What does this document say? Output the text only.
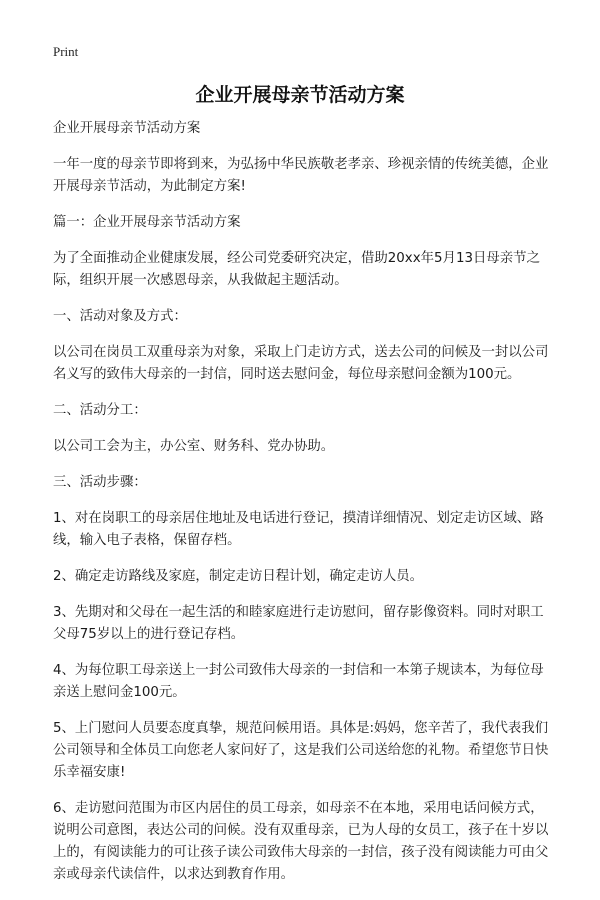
Print
企业开展母亲节活动方案

企业开展母亲节活动方案

一年一度的母亲节即将到来，为弘扬中华民族敬老孝亲、珍视亲情的传统美德，企业开展母亲节活动，为此制定方案!

篇一：企业开展母亲节活动方案

为了全面推动企业健康发展，经公司党委研究决定，借助20xx年5月13日母亲节之际，组织开展一次感恩母亲，从我做起主题活动。

一、活动对象及方式：

以公司在岗员工双重母亲为对象，采取上门走访方式，送去公司的问候及一封以公司名义写的致伟大母亲的一封信，同时送去慰问金，每位母亲慰问金额为100元。

二、活动分工：

以公司工会为主，办公室、财务科、党办协助。

三、活动步骤：

1、对在岗职工的母亲居住地址及电话进行登记，摸清详细情况、划定走访区域、路线，输入电子表格，保留存档。

2、确定走访路线及家庭，制定走访日程计划，确定走访人员。

3、先期对和父母在一起生活的和睦家庭进行走访慰问，留存影像资料。同时对职工父母75岁以上的进行登记存档。

4、为每位职工母亲送上一封公司致伟大母亲的一封信和一本第子规读本，为每位母亲送上慰问金100元。

5、上门慰问人员要态度真挚，规范问候用语。具体是:妈妈，您辛苦了，我代表我们公司领导和全体员工向您老人家问好了，这是我们公司送给您的礼物。希望您节日快乐幸福安康!

6、走访慰问范围为市区内居住的员工母亲，如母亲不在本地，采用电话问候方式，说明公司意图，表达公司的问候。没有双重母亲，已为人母的女员工，孩子在十岁以上的，有阅读能力的可让孩子读公司致伟大母亲的一封信，孩子没有阅读能力可由父亲或母亲代读信件，以求达到教育作用。
